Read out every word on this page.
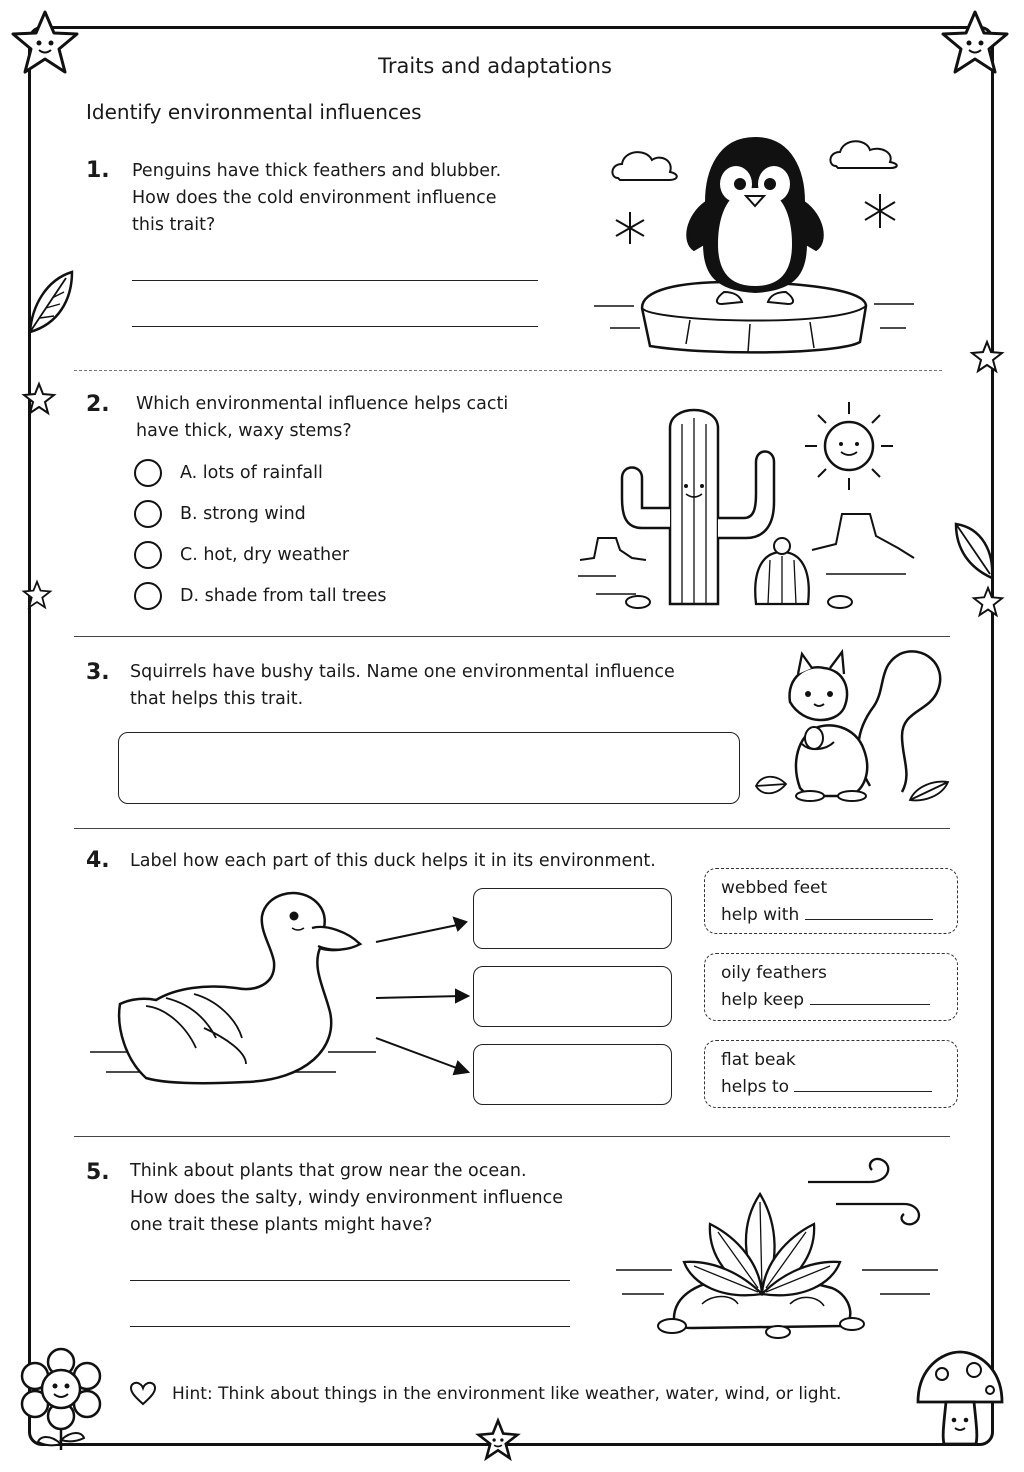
Traits and adaptations
Identify environmental influences
1. Penguins have thick feathers and blubber.
How does the cold environment influence
this trait?
2. Which environmental influence helps cacti
have thick, waxy stems?
A. lots of rainfall
B. strong wind
C. hot, dry weather
D. shade from tall trees
3. Squirrels have bushy tails. Name one environmental influence
that helps this trait.
4. Label how each part of this duck helps it in its environment.
webbed feet
help with
oily feathers
help keep
flat beak
helps to
5. Think about plants that grow near the ocean.
How does the salty, windy environment influence
one trait these plants might have?
Hint: Think about things in the environment like weather, water, wind, or light.
